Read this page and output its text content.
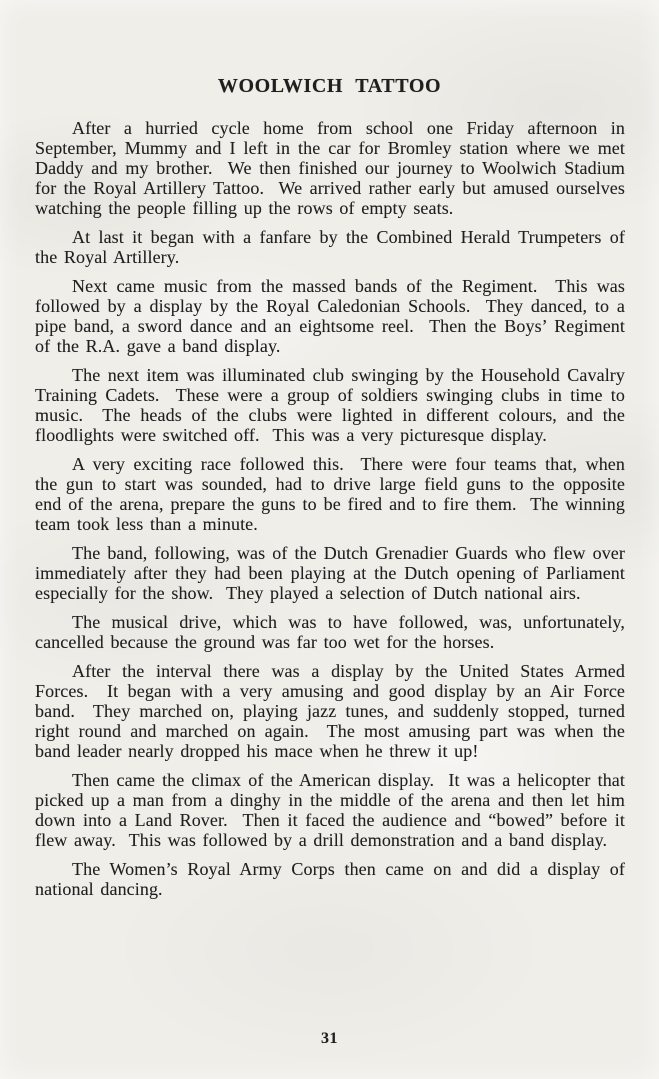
WOOLWICH TATTOO

After a hurried cycle home from school one Friday afternoon in September, Mummy and I left in the car for Bromley station where we met Daddy and my brother.  We then finished our journey to Woolwich Stadium for the Royal Artillery Tattoo.  We arrived rather early but amused ourselves watching the people filling up the rows of empty seats.

At last it began with a fanfare by the Combined Herald Trumpeters of the Royal Artillery.

Next came music from the massed bands of the Regiment.  This was followed by a display by the Royal Caledonian Schools.  They danced, to a pipe band, a sword dance and an eightsome reel.  Then the Boys’ Regiment of the R.A. gave a band display.

The next item was illuminated club swinging by the Household Cavalry Training Cadets.  These were a group of soldiers swinging clubs in time to music.  The heads of the clubs were lighted in different colours, and the floodlights were switched off.  This was a very picturesque display.

A very exciting race followed this.  There were four teams that, when the gun to start was sounded, had to drive large field guns to the opposite end of the arena, prepare the guns to be fired and to fire them.  The winning team took less than a minute.

The band, following, was of the Dutch Grenadier Guards who flew over immediately after they had been playing at the Dutch opening of Parliament especially for the show.  They played a selection of Dutch national airs.

The musical drive, which was to have followed, was, unfortunately, cancelled because the ground was far too wet for the horses.

After the interval there was a display by the United States Armed Forces.  It began with a very amusing and good display by an Air Force band.  They marched on, playing jazz tunes, and suddenly stopped, turned right round and marched on again.  The most amusing part was when the band leader nearly dropped his mace when he threw it up!

Then came the climax of the American display.  It was a helicopter that picked up a man from a dinghy in the middle of the arena and then let him down into a Land Rover.  Then it faced the audience and “bowed” before it flew away.  This was followed by a drill demonstration and a band display.

The Women’s Royal Army Corps then came on and did a display of national dancing.

31
